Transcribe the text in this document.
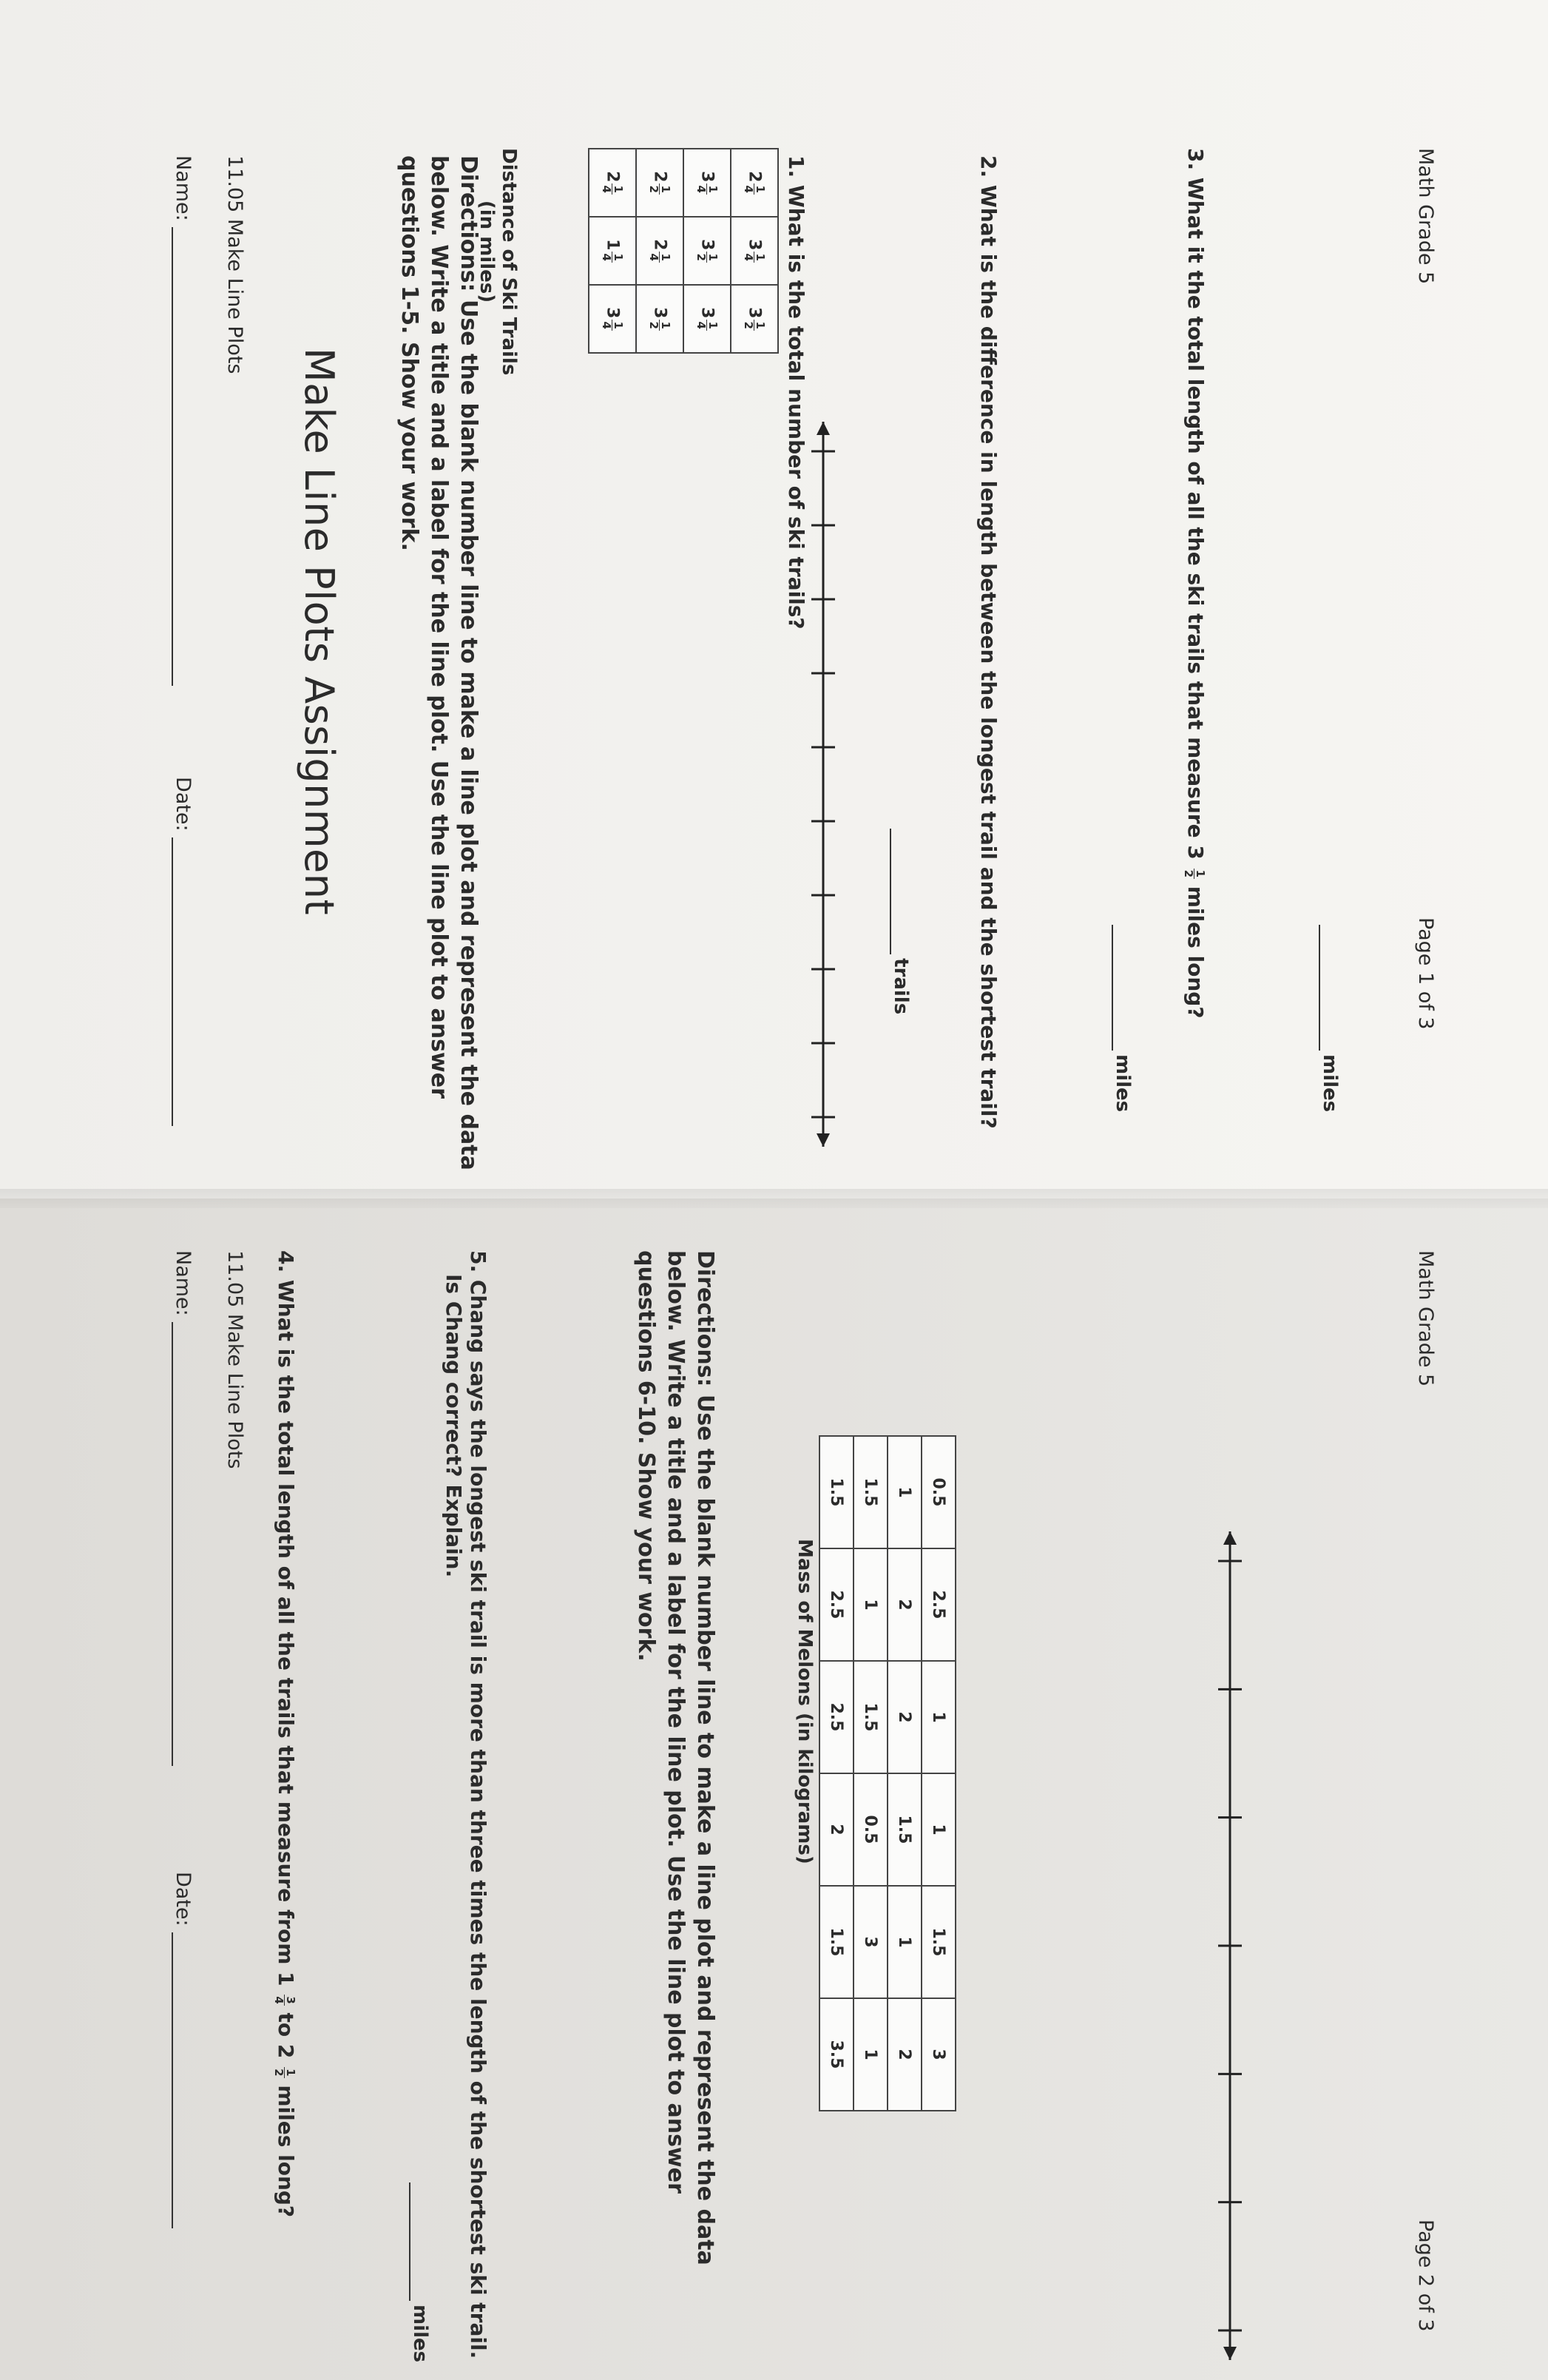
Name:
Date:
11.05 Make Line Plots
Make Line Plots Assignment	Directions: Use the blank number line to make a line plot and represent the data below. Write a title and a label for the line plot. Use the line plot to answer questions 1-5. Show your work.	Distance of Ski Trails
(in miles)
2
1
4	3
1
4	3
1
2

3
1
4	3
1
2	3
1
4

2
1
2	2
1
4	3
1
2

2
1
4	1
1
4	3
1
4	1. What is the total number of ski trails?
trails	2. What is the difference in length between the longest trail and the shortest trail?	miles
3. What it the total length of all the ski trails that measure 3
1
2
miles long?
miles
Math Grade 5
Page 1 of 3
Name:
Date:
11.05 Make Line Plots 4. What is the total length of all the trails that measure from 1
3
4
to 2
1
2
miles long?
miles 5. Chang says the longest ski trail is more than three times the length of the shortest ski trail.
Is Chang correct? Explain.	Directions: Use the blank number line to make a line plot and represent the data below. Write a title and a label for the line plot. Use the line plot to answer questions 6-10. Show your work.
Mass of Melons (in kilograms)
0.5	2.5	1	1	1.5	3
1	2	2	1.5	1	2
1.5	1	1.5	0.5	3	1
1.5	2.5	2.5	2	1.5	3.5
Math Grade 5
Page 2 of 3
